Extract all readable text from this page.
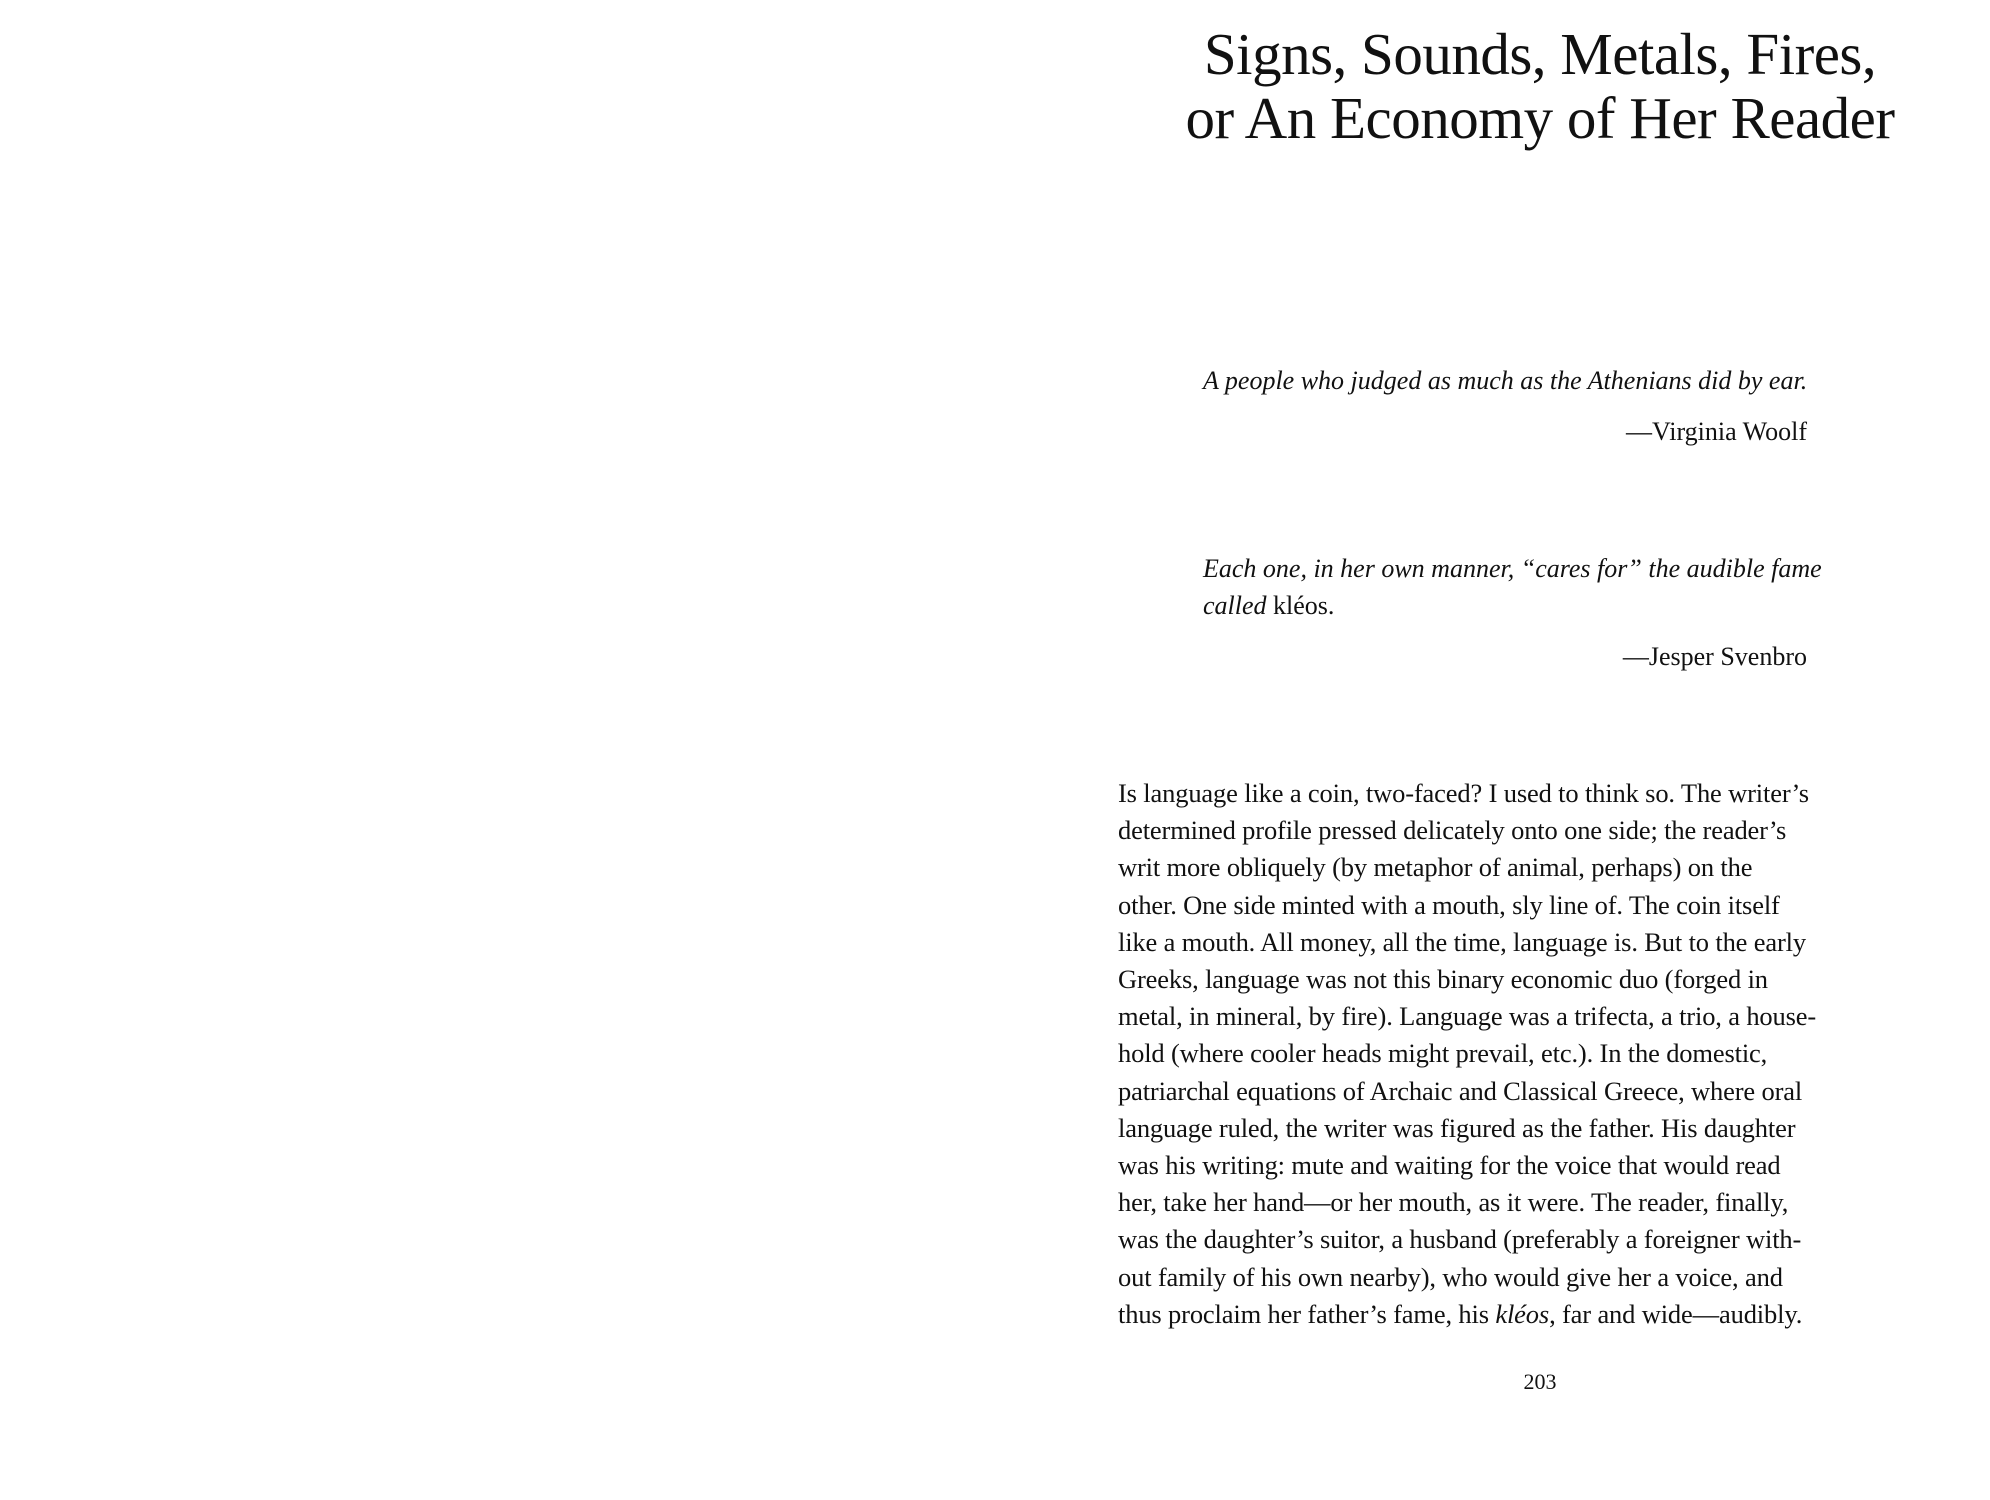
Signs, Sounds, Metals, Fires,
or An Economy of Her Reader

A people who judged as much as the Athenians did by ear.

—Virginia Woolf

Each one, in her own manner, “cares for” the audible fame
called kléos.

—Jesper Svenbro

Is language like a coin, two-faced? I used to think so. The writer’s
determined profile pressed delicately onto one side; the reader’s
writ more obliquely (by metaphor of animal, perhaps) on the
other. One side minted with a mouth, sly line of. The coin itself
like a mouth. All money, all the time, language is. But to the early
Greeks, language was not this binary economic duo (forged in
metal, in mineral, by fire). Language was a trifecta, a trio, a house-
hold (where cooler heads might prevail, etc.). In the domestic,
patriarchal equations of Archaic and Classical Greece, where oral
language ruled, the writer was figured as the father. His daughter
was his writing: mute and waiting for the voice that would read
her, take her hand—or her mouth, as it were. The reader, finally,
was the daughter’s suitor, a husband (preferably a foreigner with-
out family of his own nearby), who would give her a voice, and
thus proclaim her father’s fame, his kléos, far and wide—audibly.

203
